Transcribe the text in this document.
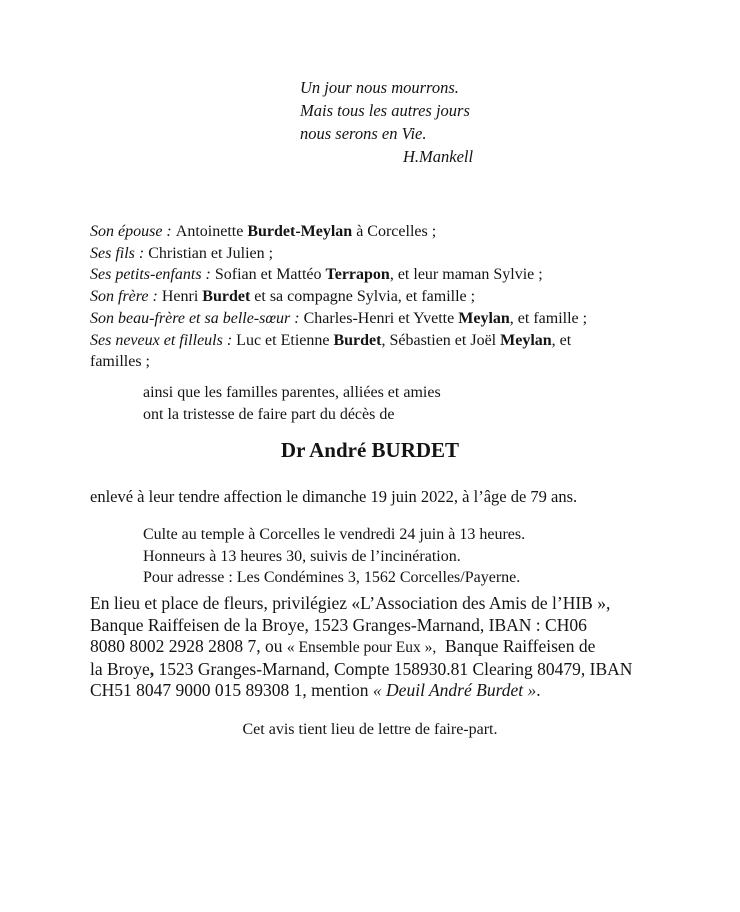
Un jour nous mourrons.
Mais tous les autres jours
nous serons en Vie.
H.Mankell
Son épouse : Antoinette Burdet-Meylan à Corcelles ;
Ses fils : Christian et Julien ;
Ses petits-enfants : Sofian et Mattéo Terrapon, et leur maman Sylvie ;
Son frère : Henri Burdet et sa compagne Sylvia, et famille ;
Son beau-frère et sa belle-sœur : Charles-Henri et Yvette Meylan, et famille ;
Ses neveux et filleuls : Luc et Etienne Burdet, Sébastien et Joël Meylan, et
familles ;
ainsi que les familles parentes, alliées et amies
ont la tristesse de faire part du décès de
Dr André BURDET
enlevé à leur tendre affection le dimanche 19 juin 2022, à l’âge de 79 ans.
Culte au temple à Corcelles le vendredi 24 juin à 13 heures.
Honneurs à 13 heures 30, suivis de l’incinération.
Pour adresse : Les Condémines 3, 1562 Corcelles/Payerne.
En lieu et place de fleurs, privilégiez «L’Association des Amis de l’HIB »,
Banque Raiffeisen de la Broye, 1523 Granges-Marnand, IBAN : CH06
8080 8002 2928 2808 7, ou « Ensemble pour Eux »,  Banque Raiffeisen de
la Broye, 1523 Granges-Marnand, Compte 158930.81 Clearing 80479, IBAN
CH51 8047 9000 015 89308 1, mention « Deuil André Burdet ».
Cet avis tient lieu de lettre de faire-part.
